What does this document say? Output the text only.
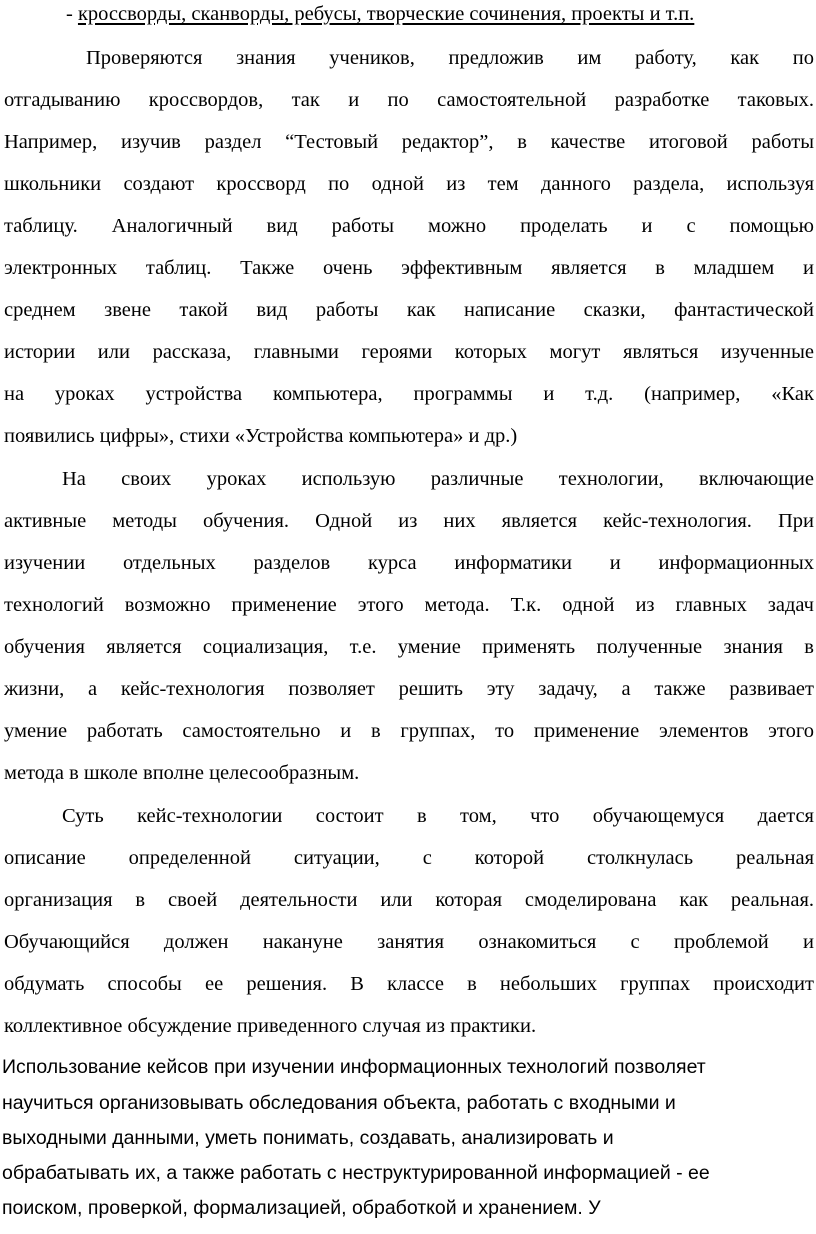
- кроссворды, сканворды, ребусы, творческие сочинения, проекты и т.п.
Проверяются знания учеников, предложив им работу, как по
отгадыванию кроссвордов, так и по самостоятельной разработке таковых.
Например, изучив раздел “Тестовый редактор”, в качестве итоговой работы
школьники создают кроссворд по одной из тем данного раздела, используя
таблицу. Аналогичный вид работы можно проделать и с помощью
электронных таблиц. Также очень эффективным является в младшем и
среднем звене такой вид работы как написание сказки, фантастической
истории или рассказа, главными героями которых могут являться изученные
на уроках устройства компьютера, программы и т.д. (например, «Как
появились цифры», стихи «Устройства компьютера» и др.)
На своих уроках использую различные технологии, включающие
активные методы обучения. Одной из них является кейс-технология. При
изучении отдельных разделов курса информатики и информационных
технологий возможно применение этого метода. Т.к. одной из главных задач
обучения является социализация, т.е. умение применять полученные знания в
жизни, а кейс-технология позволяет решить эту задачу, а также развивает
умение работать самостоятельно и в группах, то применение элементов этого
метода в школе вполне целесообразным.
Суть кейс-технологии состоит в том, что обучающемуся дается
описание определенной ситуации, с которой столкнулась реальная
организация в своей деятельности или которая смоделирована как реальная.
Обучающийся должен накануне занятия ознакомиться с проблемой и
обдумать способы ее решения. В классе в небольших группах происходит
коллективное обсуждение приведенного случая из практики.
Использование кейсов при изучении информационных технологий позволяет
научиться организовывать обследования объекта, работать с входными и
выходными данными, уметь понимать, создавать, анализировать и
обрабатывать их, а также работать с неструктурированной информацией - ее
поиском, проверкой, формализацией, обработкой и хранением. У
